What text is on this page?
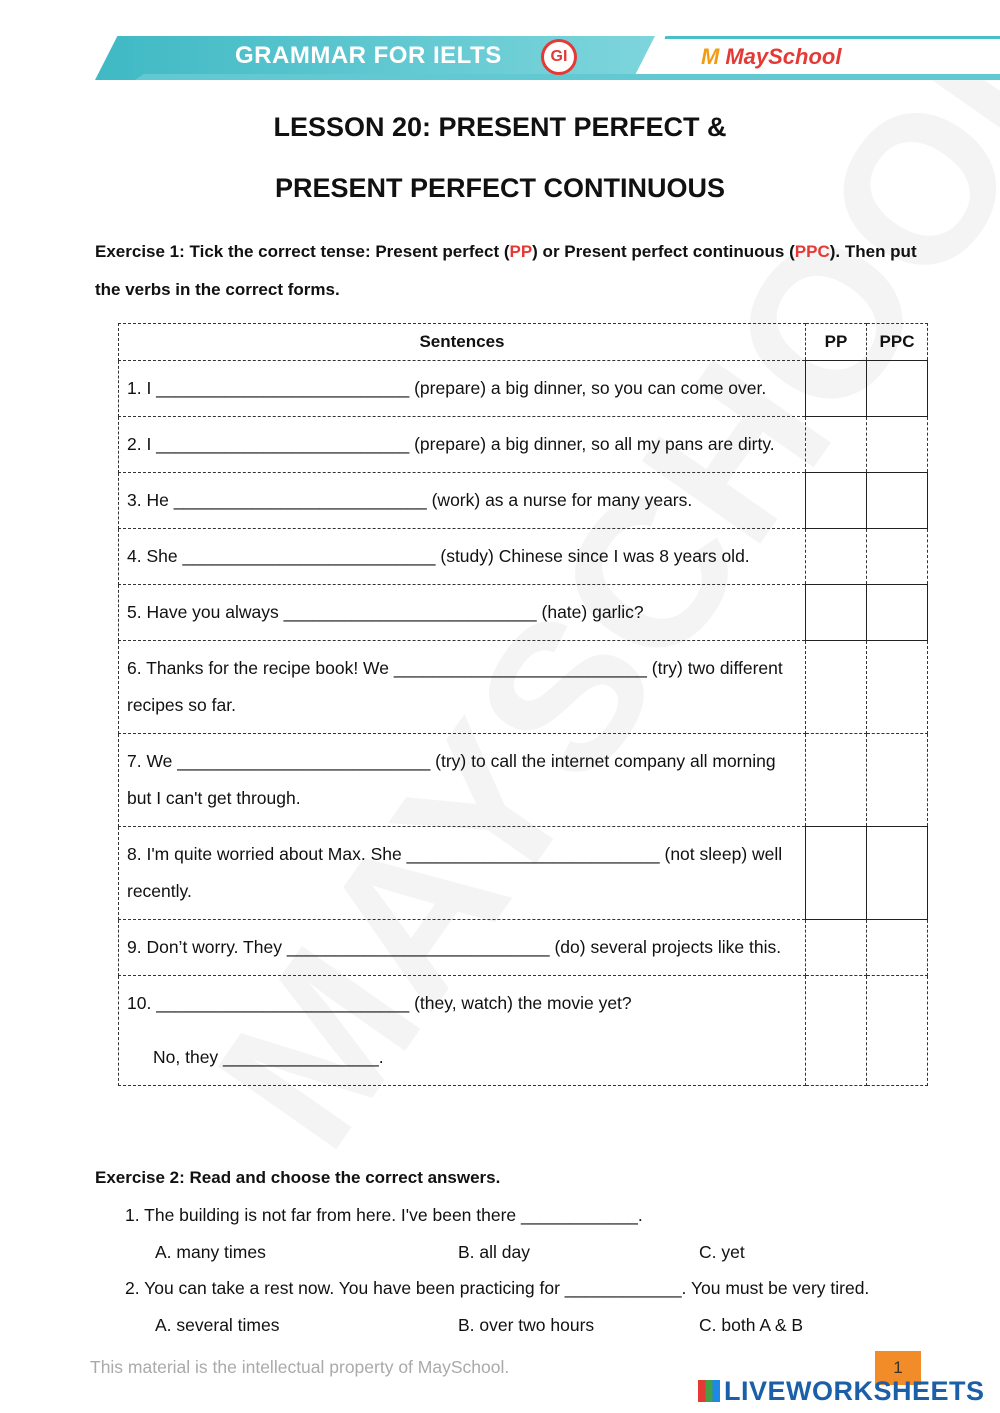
GRAMMAR FOR IELTS	GI	M MaySchool
LESSON 20: PRESENT PERFECT &
PRESENT PERFECT CONTINUOUS
Exercise 1: Tick the correct tense: Present perfect (PP) or Present perfect continuous (PPC). Then put
the verbs in the correct forms.
Sentences	PP	PPC
1. I __________________________ (prepare) a big dinner, so you can come over.		
2. I __________________________ (prepare) a big dinner, so all my pans are dirty.		
3. He __________________________ (work) as a nurse for many years.		
4. She __________________________ (study) Chinese since I was 8 years old.		
5. Have you always __________________________ (hate) garlic?		
6. Thanks for the recipe book! We __________________________ (try) two different recipes so far.		
7. We __________________________ (try) to call the internet company all morning but I can't get through.		
8. I'm quite worried about Max. She __________________________ (not sleep) well recently.		
9. Don’t worry. They ___________________________ (do) several projects like this.		

10. __________________________ (they, watch) the movie yet?
No, they ________________.		

Exercise 2: Read and choose the correct answers.
1. The building is not far from here. I've been there ____________.
A. many times	B. all day	C. yet
2. You can take a rest now. You have been practicing for ____________. You must be very tired.
A. several times	B. over two hours	C. both A & B
This material is the intellectual property of MaySchool.	1
LIVEWORKSHEETS
